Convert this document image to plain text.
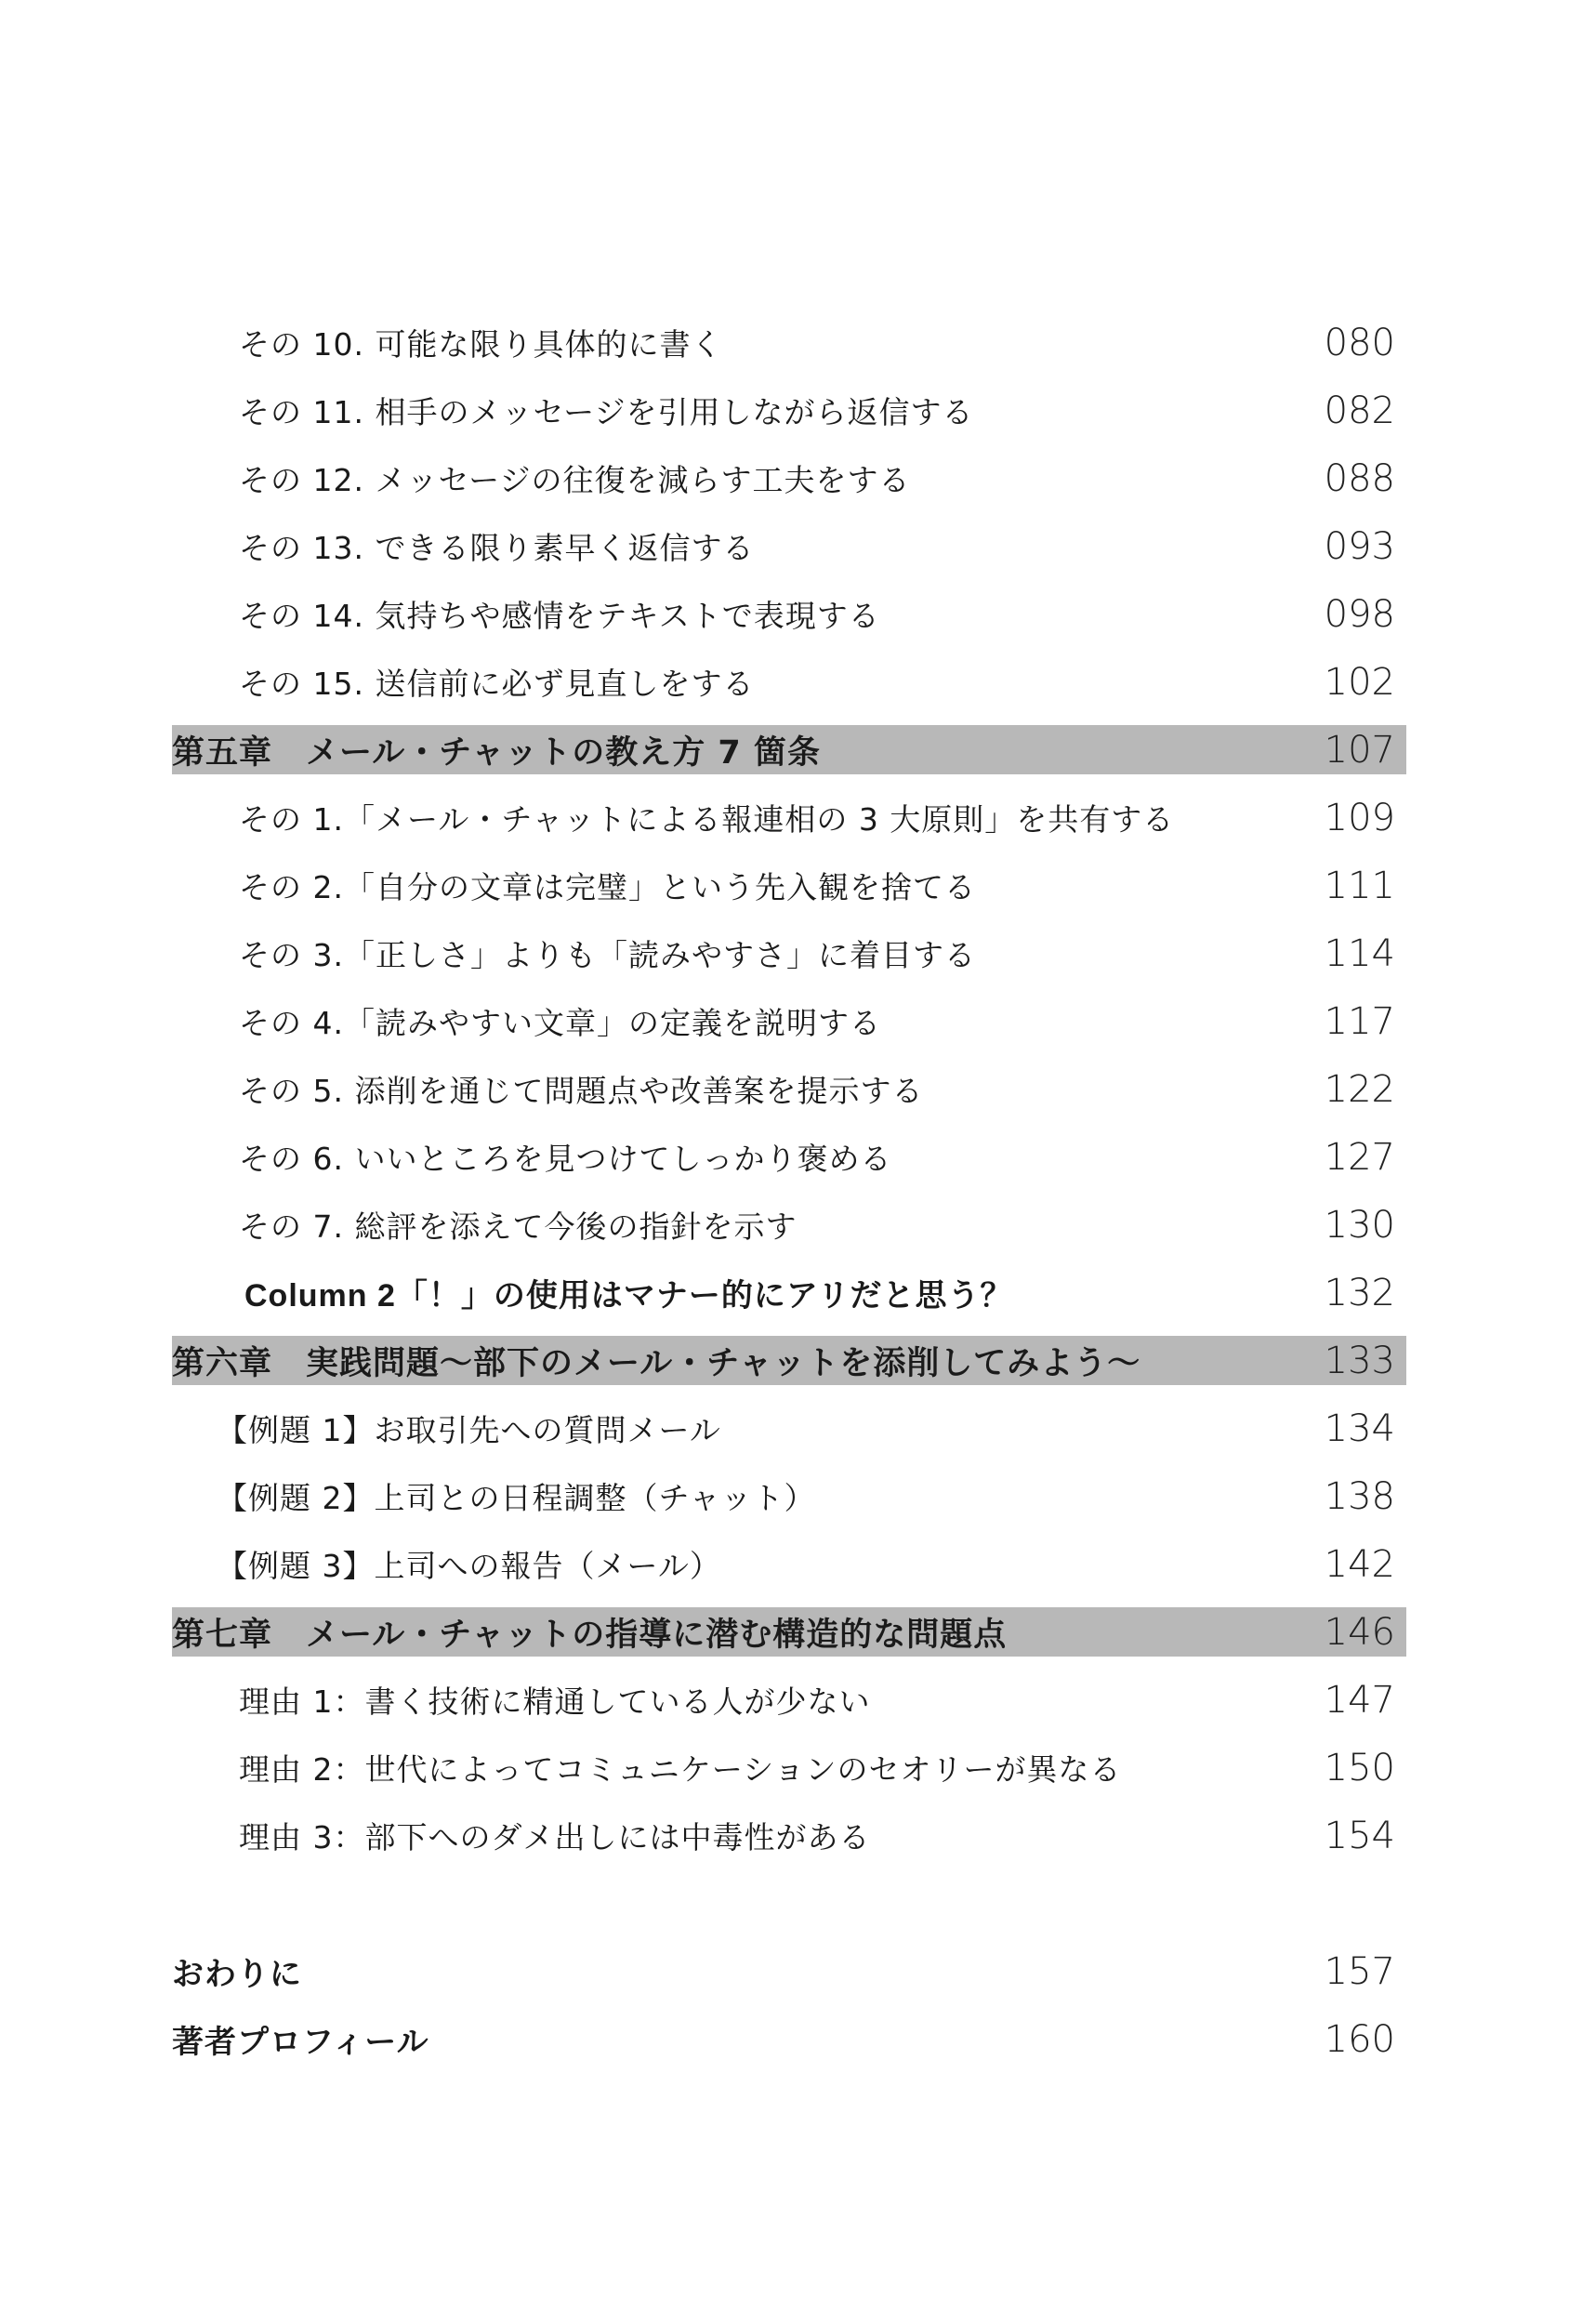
その 10. 可能な限り具体的に書く	080
その 11. 相手のメッセージを引用しながら返信する	082
その 12. メッセージの往復を減らす工夫をする	088
その 13. できる限り素早く返信する	093
その 14. 気持ちや感情をテキストで表現する	098
その 15. 送信前に必ず見直しをする	102
第五章　メール・チャットの教え方 7 箇条	107
その 1.「メール・チャットによる報連相の 3 大原則」を共有する	109
その 2.「自分の文章は完璧」という先入観を捨てる	111
その 3.「正しさ」よりも「読みやすさ」に着目する	114
その 4.「読みやすい文章」の定義を説明する	117
その 5. 添削を通じて問題点や改善案を提示する	122
その 6. いいところを見つけてしっかり褒める	127
その 7. 総評を添えて今後の指針を示す	130
Column 2「！」の使用はマナー的にアリだと思う？	132
第六章　実践問題〜部下のメール・チャットを添削してみよう〜	133
【例題 1】お取引先への質問メール	134
【例題 2】上司との日程調整（チャット）	138
【例題 3】上司への報告（メール）	142
第七章　メール・チャットの指導に潜む構造的な問題点	146
理由 1：書く技術に精通している人が少ない	147
理由 2：世代によってコミュニケーションのセオリーが異なる	150
理由 3：部下へのダメ出しには中毒性がある	154
おわりに	157
著者プロフィール	160
